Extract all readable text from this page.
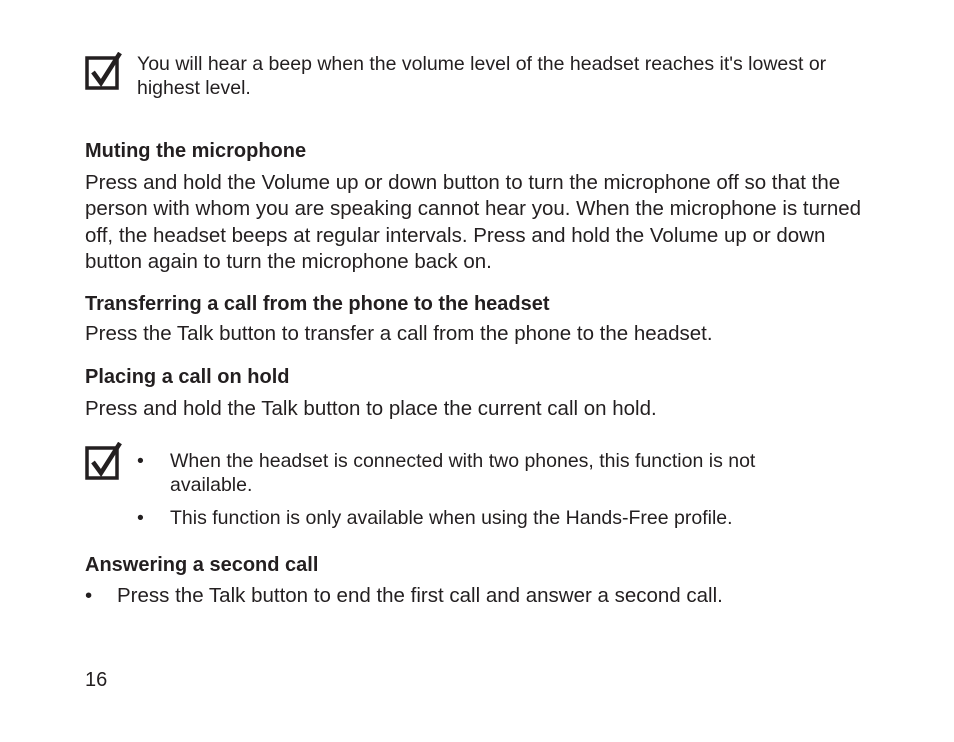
You will hear a beep when the volume level of the headset reaches it's lowest or highest level.
Muting the microphone

Press and hold the Volume up or down button to turn the microphone off so that the person with whom you are speaking cannot hear you. When the microphone is turned off, the headset beeps at regular intervals. Press and hold the Volume up or down button again to turn the microphone back on.

Transferring a call from the phone to the headset

Press the Talk button to transfer a call from the phone to the headset.

Placing a call on hold

Press and hold the Talk button to place the current call on hold.

• When the headset is connected with two phones, this function is not available.
• This function is only available when using the Hands-Free profile.
Answering a second call
• Press the Talk button to end the first call and answer a second call.
16
